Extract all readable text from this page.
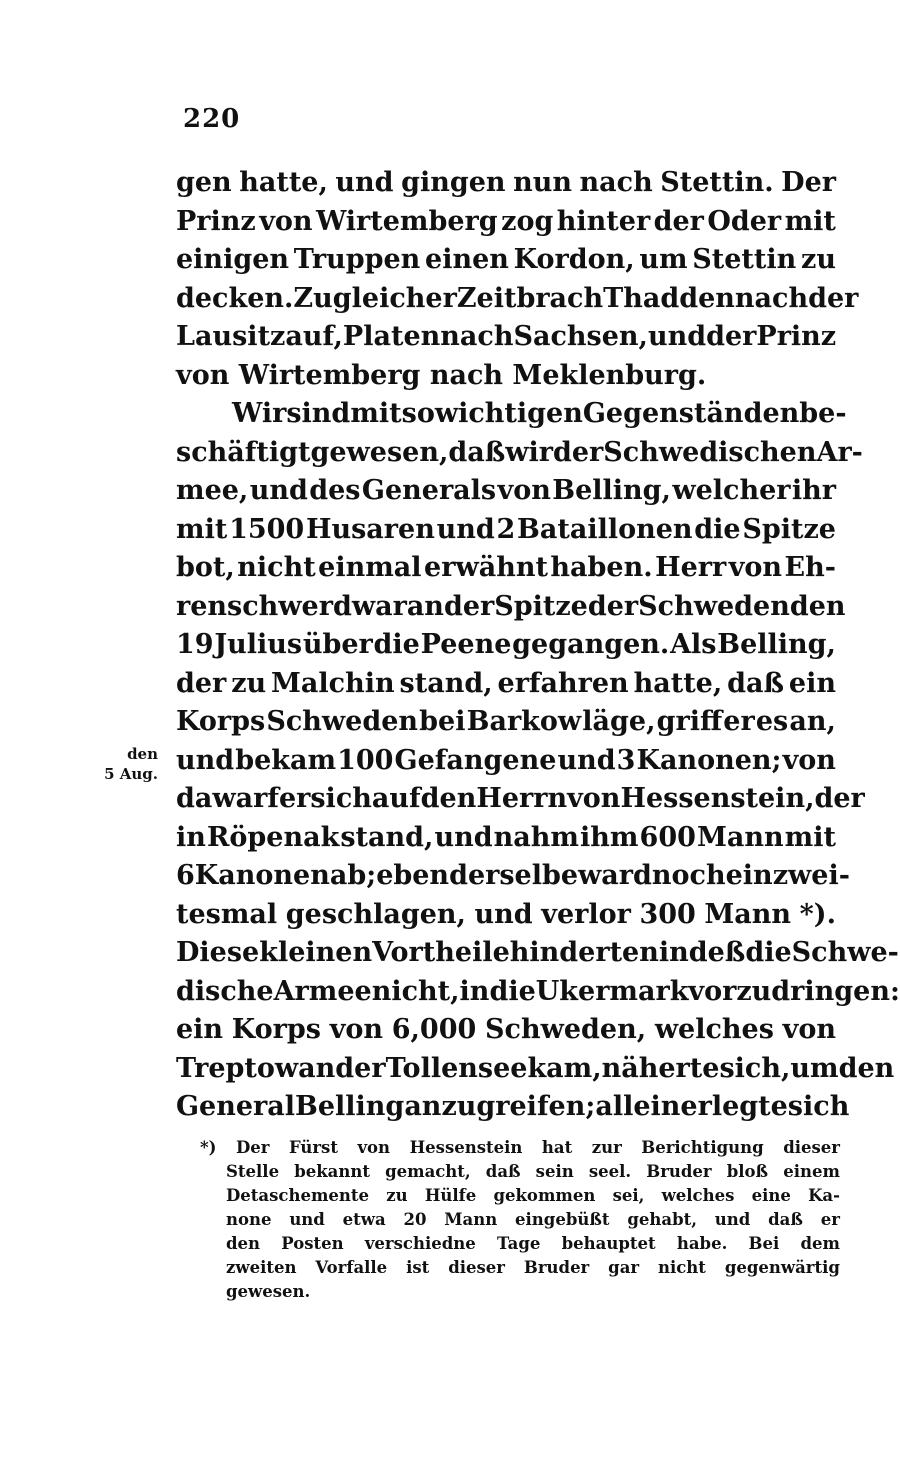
220
gen hatte, und gingen nun nach Stettin. Der
Prinz von Wirtemberg zog hinter der Oder mit
einigen Truppen einen Kordon, um Stettin zu
decken. Zu gleicher Zeit brach Thadden nach der
Lausitz auf, Platen nach Sachsen, und der Prinz
von Wirtemberg nach Meklenburg.
Wir sind mit so wichtigen Gegenständen be-
schäftigt gewesen, daß wir der Schwedischen Ar-
mee, und des Generals von Belling, welcher ihr
mit 1500 Husaren und 2 Bataillonen die Spitze
bot, nicht einmal erwähnt haben. Herr von Eh-
renschwerd war an der Spitze der Schweden den
19 Julius über die Peene gegangen. Als Belling,
der zu Malchin stand, erfahren hatte, daß ein
Korps Schweden bei Barkow läge, griff er es an,
und bekam 100 Gefangene und 3 Kanonen; von
da warf er sich auf den Herrn von Hessenstein, der
in Röpenak stand, und nahm ihm 600 Mann mit
6 Kanonen ab; eben derselbe ward noch ein zwei-
tesmal geschlagen, und verlor 300 Mann *).
Diese kleinen Vortheile hinderten indeß die Schwe-
dische Armee nicht, in die Ukermark vorzudringen:
ein Korps von 6,000 Schweden, welches von
Treptow an der Tollensee kam, näherte sich, um den
General Belling anzugreifen; allein er legte sich
den
5 Aug.
*) Der Fürst von Hessenstein hat zur Berichtigung dieser
Stelle bekannt gemacht, daß sein seel. Bruder bloß einem
Detaschemente zu Hülfe gekommen sei, welches eine Ka-
none und etwa 20 Mann eingebüßt gehabt, und daß er
den Posten verschiedne Tage behauptet habe. Bei dem
zweiten Vorfalle ist dieser Bruder gar nicht gegenwärtig
gewesen.
